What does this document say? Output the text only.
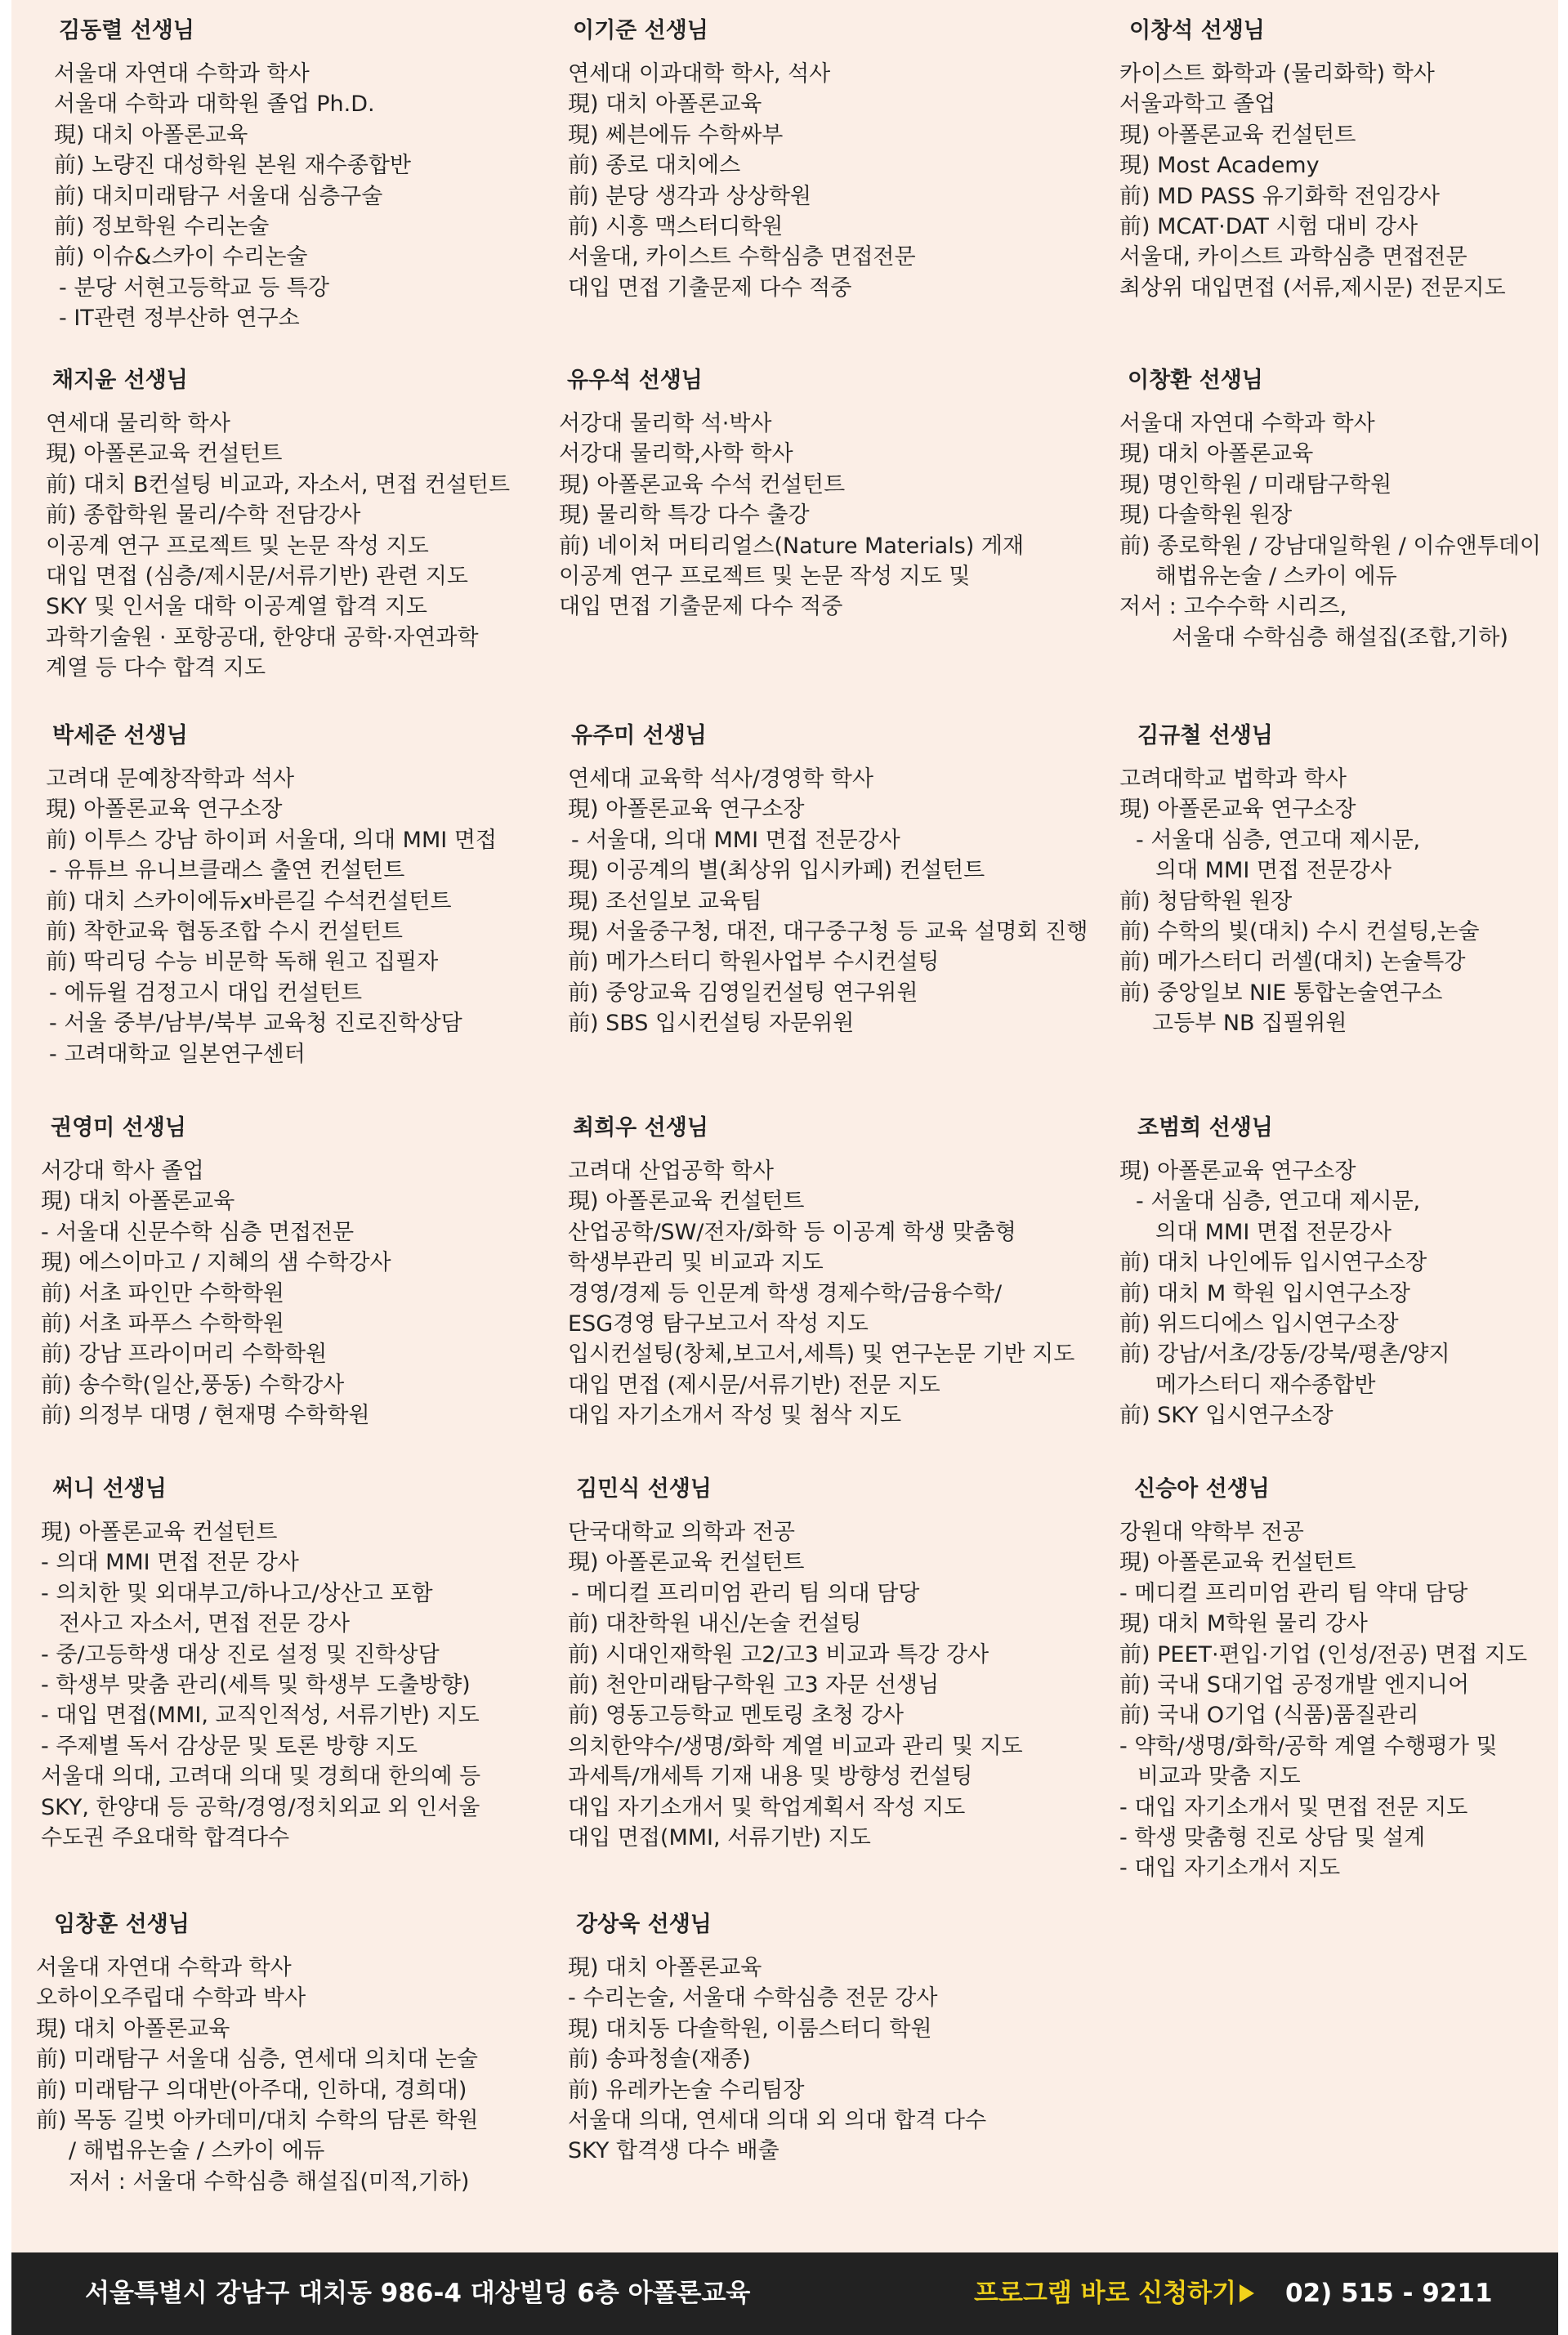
김동렬 선생님
서울대 자연대 수학과 학사
서울대 수학과 대학원 졸업 Ph.D.
現) 대치 아폴론교육
前) 노량진 대성학원 본원 재수종합반
前) 대치미래탐구 서울대 심층구술
前) 정보학원 수리논술
前) 이슈&스카이 수리논술
- 분당 서현고등학교 등 특강
- IT관련 정부산하 연구소
이기준 선생님
연세대 이과대학 학사, 석사
現) 대치 아폴론교육
現) 쎄븐에듀 수학싸부
前) 종로 대치에스
前) 분당 생각과 상상학원
前) 시흥 맥스터디학원
서울대, 카이스트 수학심층 면접전문
대입 면접 기출문제 다수 적중
이창석 선생님
카이스트 화학과 (물리화학) 학사
서울과학고 졸업
現) 아폴론교육 컨설턴트
現) Most Academy
前) MD PASS 유기화학 전임강사
前) MCAT·DAT 시험 대비 강사
서울대, 카이스트 과학심층 면접전문
최상위 대입면접 (서류,제시문) 전문지도
채지윤 선생님
연세대 물리학 학사
現) 아폴론교육 컨설턴트
前) 대치 B컨설팅 비교과, 자소서, 면접 컨설턴트
前) 종합학원 물리/수학 전담강사
이공계 연구 프로젝트 및 논문 작성 지도
대입 면접 (심층/제시문/서류기반) 관련 지도
SKY 및 인서울 대학 이공계열 합격 지도
과학기술원 · 포항공대, 한양대 공학·자연과학
계열 등 다수 합격 지도
유우석 선생님
서강대 물리학 석·박사
서강대 물리학,사학 학사
現) 아폴론교육 수석 컨설턴트
現) 물리학 특강 다수 출강
前) 네이처 머티리얼스(Nature Materials) 게재
이공계 연구 프로젝트 및 논문 작성 지도 및
대입 면접 기출문제 다수 적중
이창환 선생님
서울대 자연대 수학과 학사
現) 대치 아폴론교육
現) 명인학원 / 미래탐구학원
現) 다솔학원 원장
前) 종로학원 / 강남대일학원 / 이슈앤투데이
해법유논술 / 스카이 에듀
저서 : 고수수학 시리즈,
서울대 수학심층 해설집(조합,기하)
박세준 선생님
고려대 문예창작학과 석사
現) 아폴론교육 연구소장
前) 이투스 강남 하이퍼 서울대, 의대 MMI 면접
- 유튜브 유니브클래스 출연 컨설턴트
前) 대치 스카이에듀x바른길 수석컨설턴트
前) 착한교육 협동조합 수시 컨설턴트
前) 딱리딩 수능 비문학 독해 원고 집필자
- 에듀윌 검정고시 대입 컨설턴트
- 서울 중부/남부/북부 교육청 진로진학상담
- 고려대학교 일본연구센터
유주미 선생님
연세대 교육학 석사/경영학 학사
現) 아폴론교육 연구소장
- 서울대, 의대 MMI 면접 전문강사
現) 이공계의 별(최상위 입시카페) 컨설턴트
現) 조선일보 교육팀
現) 서울중구청, 대전, 대구중구청 등 교육 설명회 진행
前) 메가스터디 학원사업부 수시컨설팅
前) 중앙교육 김영일컨설팅 연구위원
前) SBS 입시컨설팅 자문위원
김규철 선생님
고려대학교 법학과 학사
現) 아폴론교육 연구소장
- 서울대 심층, 연고대 제시문,
의대 MMI 면접 전문강사
前) 청담학원 원장
前) 수학의 빛(대치) 수시 컨설팅,논술
前) 메가스터디 러셀(대치) 논술특강
前) 중앙일보 NIE 통합논술연구소
고등부 NB 집필위원
권영미 선생님
서강대 학사 졸업
現) 대치 아폴론교육
- 서울대 신문수학 심층 면접전문
現) 에스이마고 / 지혜의 샘 수학강사
前) 서초 파인만 수학학원
前) 서초 파푸스 수학학원
前) 강남 프라이머리 수학학원
前) 송수학(일산,풍동) 수학강사
前) 의정부 대명 / 현재명 수학학원
최희우 선생님
고려대 산업공학 학사
現) 아폴론교육 컨설턴트
산업공학/SW/전자/화학 등 이공계 학생 맞춤형
학생부관리 및 비교과 지도
경영/경제 등 인문계 학생 경제수학/금융수학/
ESG경영 탐구보고서 작성 지도
입시컨설팅(창체,보고서,세특) 및 연구논문 기반 지도
대입 면접 (제시문/서류기반) 전문 지도
대입 자기소개서 작성 및 첨삭 지도
조범희 선생님
現) 아폴론교육 연구소장
- 서울대 심층, 연고대 제시문,
의대 MMI 면접 전문강사
前) 대치 나인에듀 입시연구소장
前) 대치 M 학원 입시연구소장
前) 위드디에스 입시연구소장
前) 강남/서초/강동/강북/평촌/양지
메가스터디 재수종합반
前) SKY 입시연구소장
써니 선생님
現) 아폴론교육 컨설턴트
- 의대 MMI 면접 전문 강사
- 의치한 및 외대부고/하나고/상산고 포함
전사고 자소서, 면접 전문 강사
- 중/고등학생 대상 진로 설정 및 진학상담
- 학생부 맞춤 관리(세특 및 학생부 도출방향)
- 대입 면접(MMI, 교직인적성, 서류기반) 지도
- 주제별 독서 감상문 및 토론 방향 지도
서울대 의대, 고려대 의대 및 경희대 한의예 등
SKY, 한양대 등 공학/경영/정치외교 외 인서울
수도권 주요대학 합격다수
김민식 선생님
단국대학교 의학과 전공
現) 아폴론교육 컨설턴트
- 메디컬 프리미엄 관리 팀 의대 담당
前) 대찬학원 내신/논술 컨설팅
前) 시대인재학원 고2/고3 비교과 특강 강사
前) 천안미래탐구학원 고3 자문 선생님
前) 영동고등학교 멘토링 초청 강사
의치한약수/생명/화학 계열 비교과 관리 및 지도
과세특/개세특 기재 내용 및 방향성 컨설팅
대입 자기소개서 및 학업계획서 작성 지도
대입 면접(MMI, 서류기반) 지도
신승아 선생님
강원대 약학부 전공
現) 아폴론교육 컨설턴트
- 메디컬 프리미엄 관리 팀 약대 담당
現) 대치 M학원 물리 강사
前) PEET·편입·기업 (인성/전공) 면접 지도
前) 국내 S대기업 공정개발 엔지니어
前) 국내 O기업 (식품)품질관리
- 약학/생명/화학/공학 계열 수행평가 및
비교과 맞춤 지도
- 대입 자기소개서 및 면접 전문 지도
- 학생 맞춤형 진로 상담 및 설계
- 대입 자기소개서 지도
임창훈 선생님
서울대 자연대 수학과 학사
오하이오주립대 수학과 박사
現) 대치 아폴론교육
前) 미래탐구 서울대 심층, 연세대 의치대 논술
前) 미래탐구 의대반(아주대, 인하대, 경희대)
前) 목동 길벗 아카데미/대치 수학의 담론 학원
/ 해법유논술 / 스카이 에듀
저서 : 서울대 수학심층 해설집(미적,기하)
강상욱 선생님
現) 대치 아폴론교육
- 수리논술, 서울대 수학심층 전문 강사
現) 대치동 다솔학원, 이룸스터디 학원
前) 송파청솔(재종)
前) 유레카논술 수리팀장
서울대 의대, 연세대 의대 외 의대 합격 다수
SKY 합격생 다수 배출
서울특별시 강남구 대치동 986-4 대상빌딩 6층 아폴론교육	프로그램 바로 신청하기	02) 515 - 9211
